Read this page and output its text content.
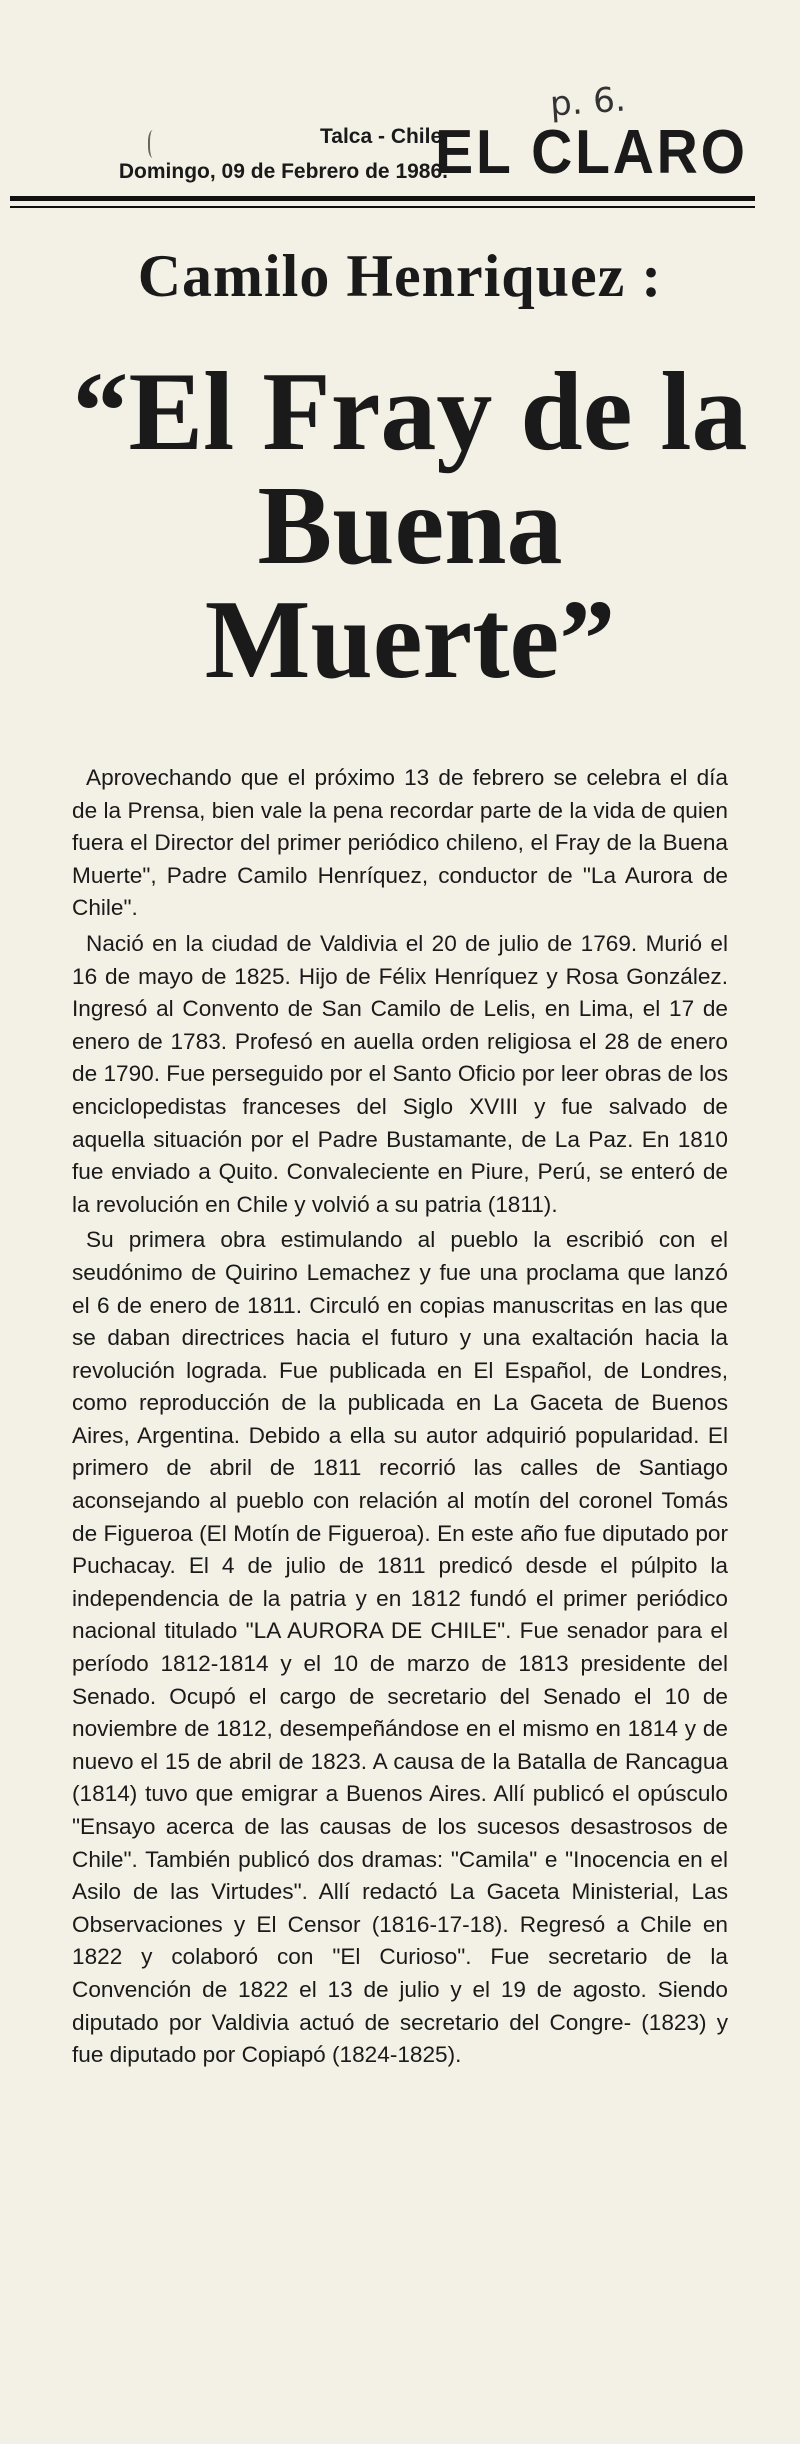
p. 6.
Talca - Chile,
Domingo, 09 de Febrero de 1986.
EL CLARO
Camilo Henriquez :
“El Fray de la Buena Muerte”

Aprovechando que el próximo 13 de febrero se celebra el día de la Prensa, bien vale la pena recordar parte de la vida de quien fuera el Director del primer periódico chileno, el Fray de la Buena Muerte", Padre Camilo Henríquez, conductor de "La Aurora de Chile".

Nació en la ciudad de Valdivia el 20 de julio de 1769. Murió el 16 de mayo de 1825. Hijo de Félix Henríquez y Rosa González. Ingresó al Convento de San Camilo de Lelis, en Lima, el 17 de enero de 1783. Profesó en auella orden religiosa el 28 de enero de 1790. Fue perseguido por el Santo Oficio por leer obras de los enciclopedistas franceses del Siglo XVIII y fue salvado de aquella situación por el Padre Bustamante, de La Paz. En 1810 fue enviado a Quito. Convaleciente en Piure, Perú, se enteró de la revolución en Chile y volvió a su patria (1811).

Su primera obra estimulando al pueblo la escribió con el seudónimo de Quirino Lemachez y fue una proclama que lanzó el 6 de enero de 1811. Circuló en copias manuscritas en las que se daban directrices hacia el futuro y una exaltación hacia la revolución lograda. Fue publicada en El Español, de Londres, como reproducción de la publicada en La Gaceta de Buenos Aires, Argentina. Debido a ella su autor adquirió popularidad. El primero de abril de 1811 recorrió las calles de Santiago aconsejando al pueblo con relación al motín del coronel Tomás de Figueroa (El Motín de Figueroa). En este año fue diputado por Puchacay. El 4 de julio de 1811 predicó desde el púlpito la independencia de la patria y en 1812 fundó el primer periódico nacional titulado "LA AURORA DE CHILE". Fue senador para el período 1812-1814 y el 10 de marzo de 1813 presidente del Senado. Ocupó el cargo de secretario del Senado el 10 de noviembre de 1812, desempeñándose en el mismo en 1814 y de nuevo el 15 de abril de 1823. A causa de la Batalla de Rancagua (1814) tuvo que emigrar a Buenos Aires. Allí publicó el opúsculo "Ensayo acerca de las causas de los sucesos desastrosos de Chile". También publicó dos dramas: "Camila" e "Inocencia en el Asilo de las Virtudes". Allí redactó La Gaceta Ministerial, Las Observaciones y El Censor (1816-17-18). Regresó a Chile en 1822 y colaboró con "El Curioso". Fue secretario de la Convención de 1822 el 13 de julio y el 19 de agosto. Siendo diputado por Valdivia actuó de secretario del Congre- (1823) y fue diputado por Copiapó (1824-1825).
